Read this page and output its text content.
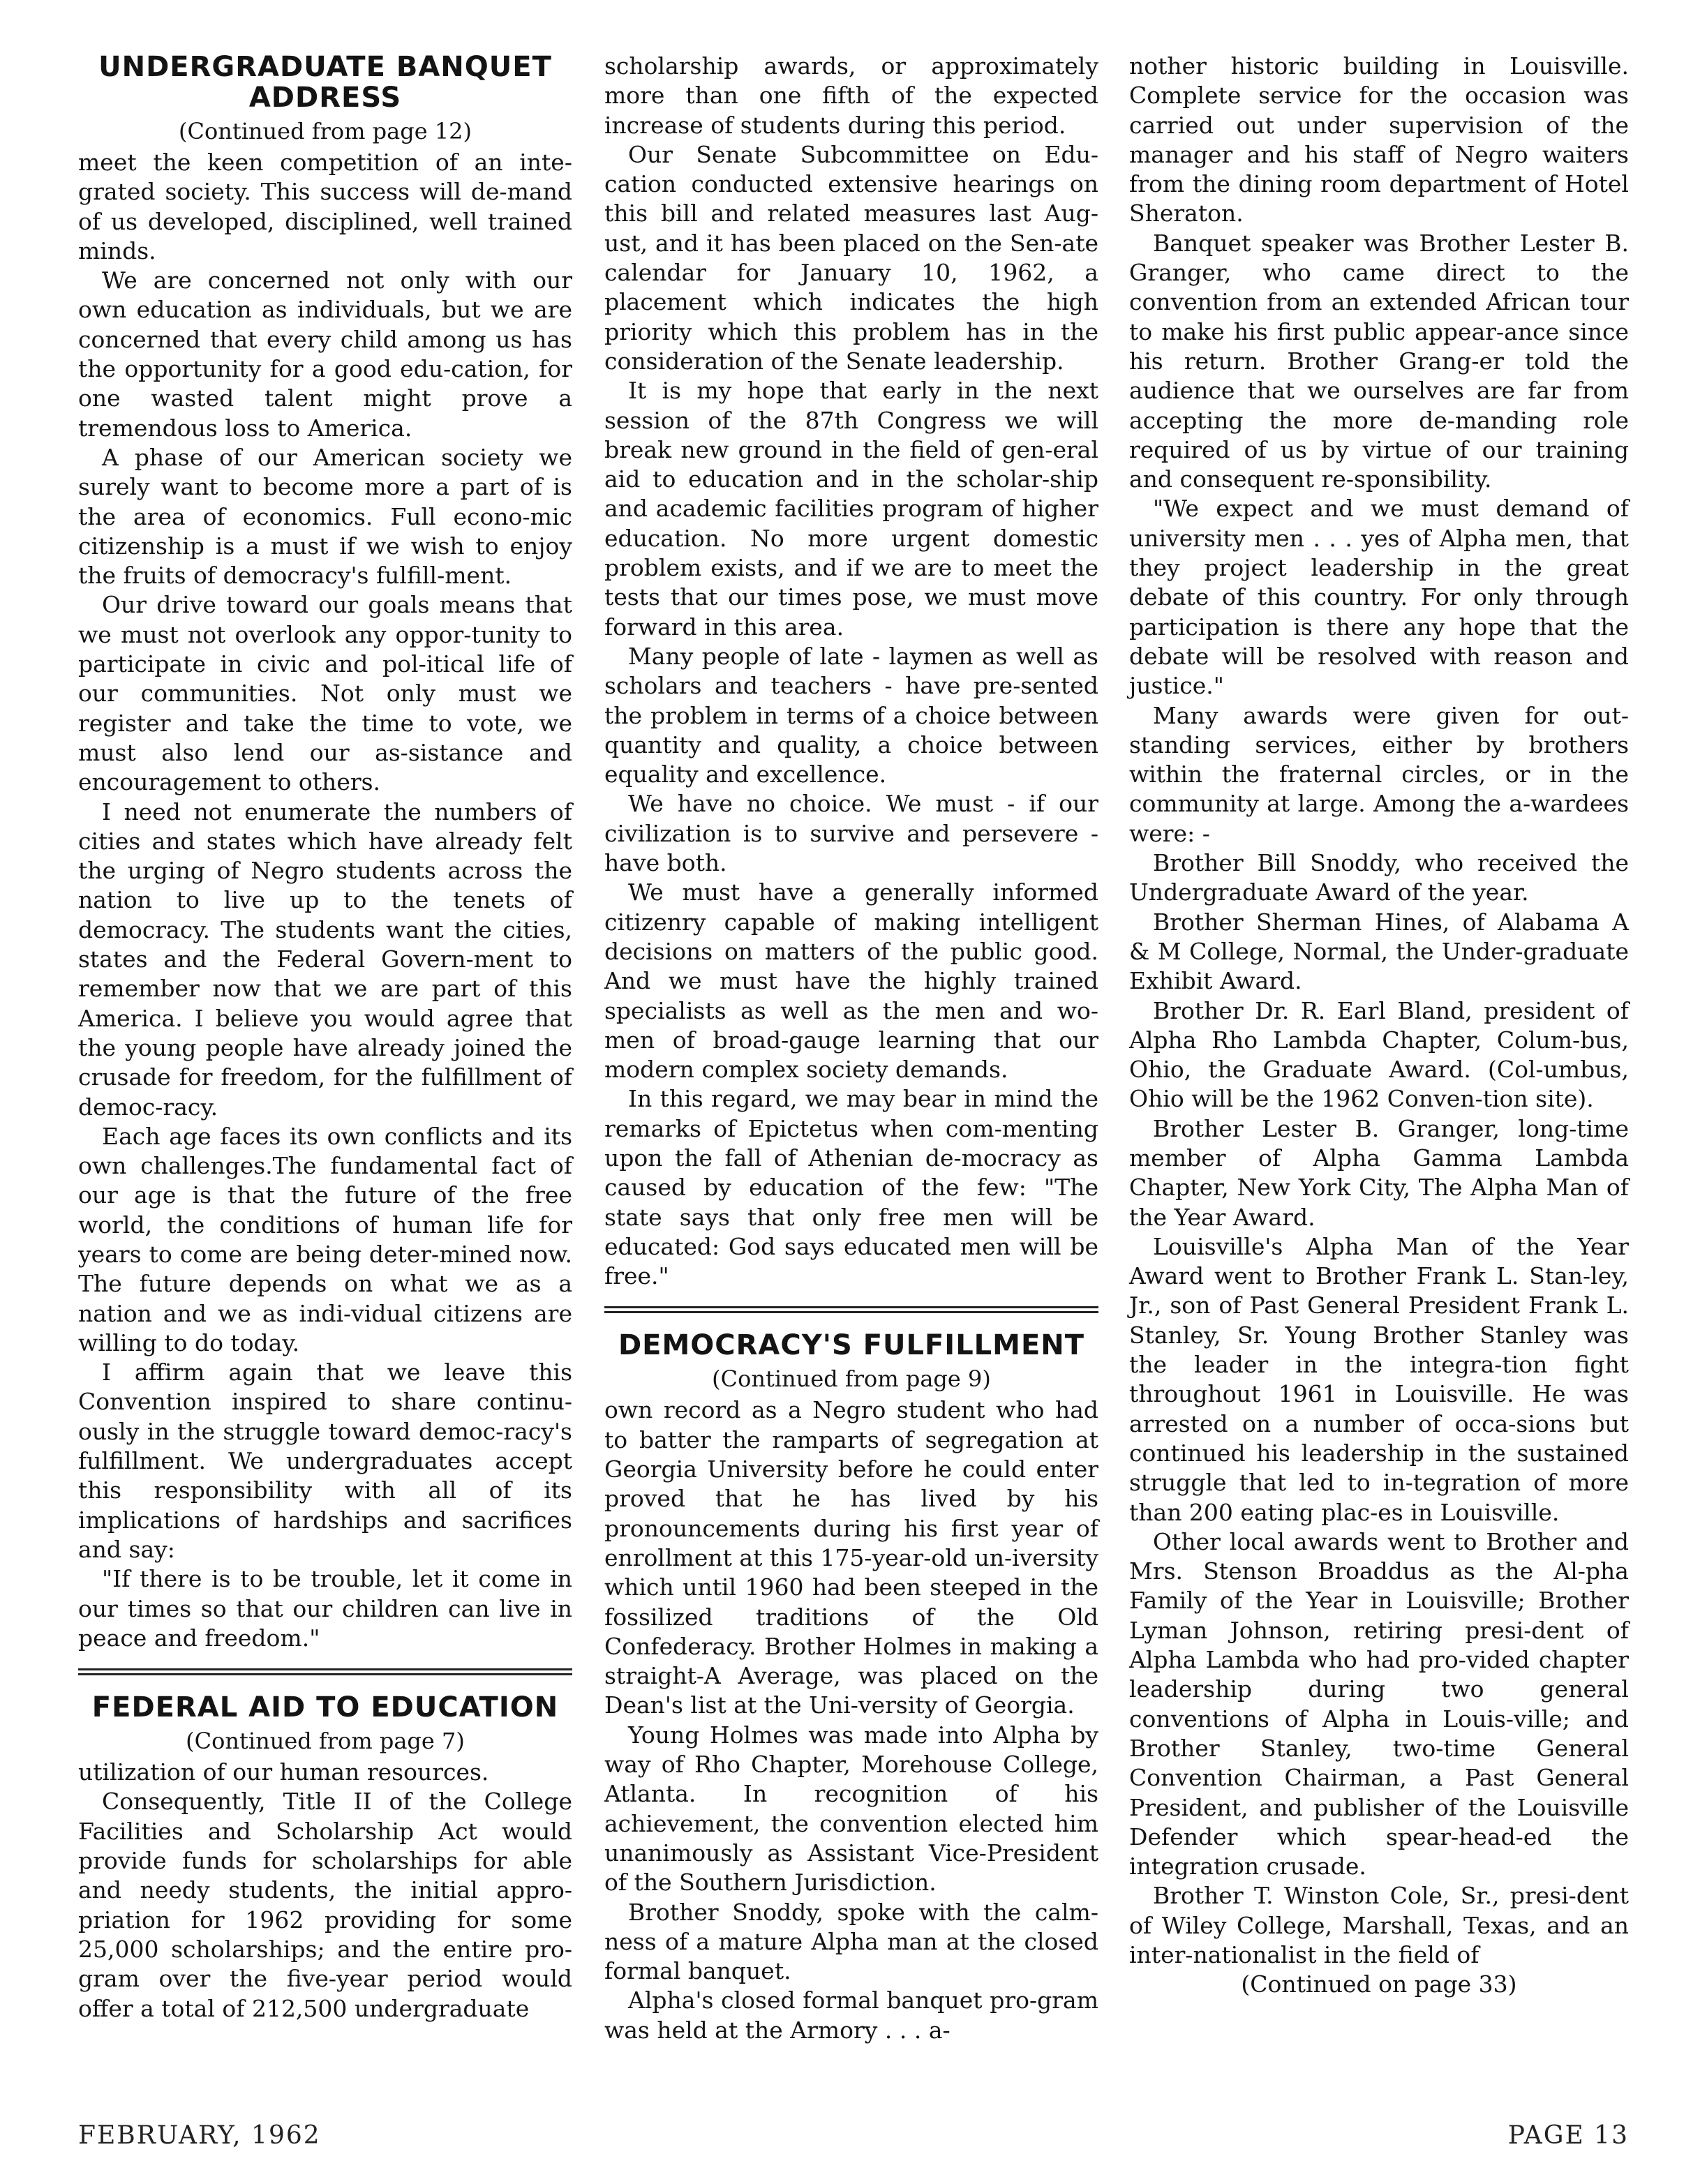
UNDERGRADUATE BANQUET ADDRESS
(Continued from page 12)

meet the keen competition of an inte-grated society. This success will de-mand of us developed, disciplined, well trained minds.

We are concerned not only with our own education as individuals, but we are concerned that every child among us has the opportunity for a good edu-cation, for one wasted talent might prove a tremendous loss to America.

A phase of our American society we surely want to become more a part of is the area of economics. Full econo-mic citizenship is a must if we wish to enjoy the fruits of democracy's fulfill-ment.

Our drive toward our goals means that we must not overlook any oppor-tunity to participate in civic and pol-itical life of our communities. Not only must we register and take the time to vote, we must also lend our as-sistance and encouragement to others.

I need not enumerate the numbers of cities and states which have already felt the urging of Negro students across the nation to live up to the tenets of democracy. The students want the cities, states and the Federal Govern-ment to remember now that we are part of this America. I believe you would agree that the young people have already joined the crusade for freedom, for the fulfillment of democ-racy.

Each age faces its own conflicts and its own challenges.The fundamental fact of our age is that the future of the free world, the conditions of human life for years to come are being deter-mined now. The future depends on what we as a nation and we as indi-vidual citizens are willing to do today.

I affirm again that we leave this Convention inspired to share continu-ously in the struggle toward democ-racy's fulfillment. We undergraduates accept this responsibility with all of its implications of hardships and sacrifices and say:

"If there is to be trouble, let it come in our times so that our children can live in peace and freedom."

FEDERAL AID TO EDUCATION
(Continued from page 7)

utilization of our human resources.

Consequently, Title II of the College Facilities and Scholarship Act would provide funds for scholarships for able and needy students, the initial appro-priation for 1962 providing for some 25,000 scholarships; and the entire pro-gram over the five-year period would offer a total of 212,500 undergraduate

scholarship awards, or approximately more than one fifth of the expected increase of students during this period.

Our Senate Subcommittee on Edu-cation conducted extensive hearings on this bill and related measures last Aug-ust, and it has been placed on the Sen-ate calendar for January 10, 1962, a placement which indicates the high priority which this problem has in the consideration of the Senate leadership.

It is my hope that early in the next session of the 87th Congress we will break new ground in the field of gen-eral aid to education and in the scholar-ship and academic facilities program of higher education. No more urgent domestic problem exists, and if we are to meet the tests that our times pose, we must move forward in this area.

Many people of late - laymen as well as scholars and teachers - have pre-sented the problem in terms of a choice between quantity and quality, a choice between equality and excellence.

We have no choice. We must - if our civilization is to survive and persevere - have both.

We must have a generally informed citizenry capable of making intelligent decisions on matters of the public good. And we must have the highly trained specialists as well as the men and wo-men of broad-gauge learning that our modern complex society demands.

In this regard, we may bear in mind the remarks of Epictetus when com-menting upon the fall of Athenian de-mocracy as caused by education of the few: "The state says that only free men will be educated: God says educated men will be free."

DEMOCRACY'S FULFILLMENT
(Continued from page 9)

own record as a Negro student who had to batter the ramparts of segregation at Georgia University before he could enter proved that he has lived by his pronouncements during his first year of enrollment at this 175-year-old un-iversity which until 1960 had been steeped in the fossilized traditions of the Old Confederacy. Brother Holmes in making a straight-A Average, was placed on the Dean's list at the Uni-versity of Georgia.

Young Holmes was made into Alpha by way of Rho Chapter, Morehouse College, Atlanta. In recognition of his achievement, the convention elected him unanimously as Assistant Vice-President of the Southern Jurisdiction.

Brother Snoddy, spoke with the calm-ness of a mature Alpha man at the closed formal banquet.

Alpha's closed formal banquet pro-gram was held at the Armory . . . a-

nother historic building in Louisville. Complete service for the occasion was carried out under supervision of the manager and his staff of Negro waiters from the dining room department of Hotel Sheraton.

Banquet speaker was Brother Lester B. Granger, who came direct to the convention from an extended African tour to make his first public appear-ance since his return. Brother Grang-er told the audience that we ourselves are far from accepting the more de-manding role required of us by virtue of our training and consequent re-sponsibility.

"We expect and we must demand of university men . . . yes of Alpha men, that they project leadership in the great debate of this country. For only through participation is there any hope that the debate will be resolved with reason and justice."

Many awards were given for out-standing services, either by brothers within the fraternal circles, or in the community at large. Among the a-wardees were: -

Brother Bill Snoddy, who received the Undergraduate Award of the year.

Brother Sherman Hines, of Alabama A & M College, Normal, the Under-graduate Exhibit Award.

Brother Dr. R. Earl Bland, president of Alpha Rho Lambda Chapter, Colum-bus, Ohio, the Graduate Award. (Col-umbus, Ohio will be the 1962 Conven-tion site).

Brother Lester B. Granger, long-time member of Alpha Gamma Lambda Chapter, New York City, The Alpha Man of the Year Award.

Louisville's Alpha Man of the Year Award went to Brother Frank L. Stan-ley, Jr., son of Past General President Frank L. Stanley, Sr. Young Brother Stanley was the leader in the integra-tion fight throughout 1961 in Louisville. He was arrested on a number of occa-sions but continued his leadership in the sustained struggle that led to in-tegration of more than 200 eating plac-es in Louisville.

Other local awards went to Brother and Mrs. Stenson Broaddus as the Al-pha Family of the Year in Louisville; Brother Lyman Johnson, retiring presi-dent of Alpha Lambda who had pro-vided chapter leadership during two general conventions of Alpha in Louis-ville; and Brother Stanley, two-time General Convention Chairman, a Past General President, and publisher of the Louisville Defender which spear-head-ed the integration crusade.

Brother T. Winston Cole, Sr., presi-dent of Wiley College, Marshall, Texas, and an inter-nationalist in the field of

(Continued on page 33)

FEBRUARY, 1962	PAGE 13
